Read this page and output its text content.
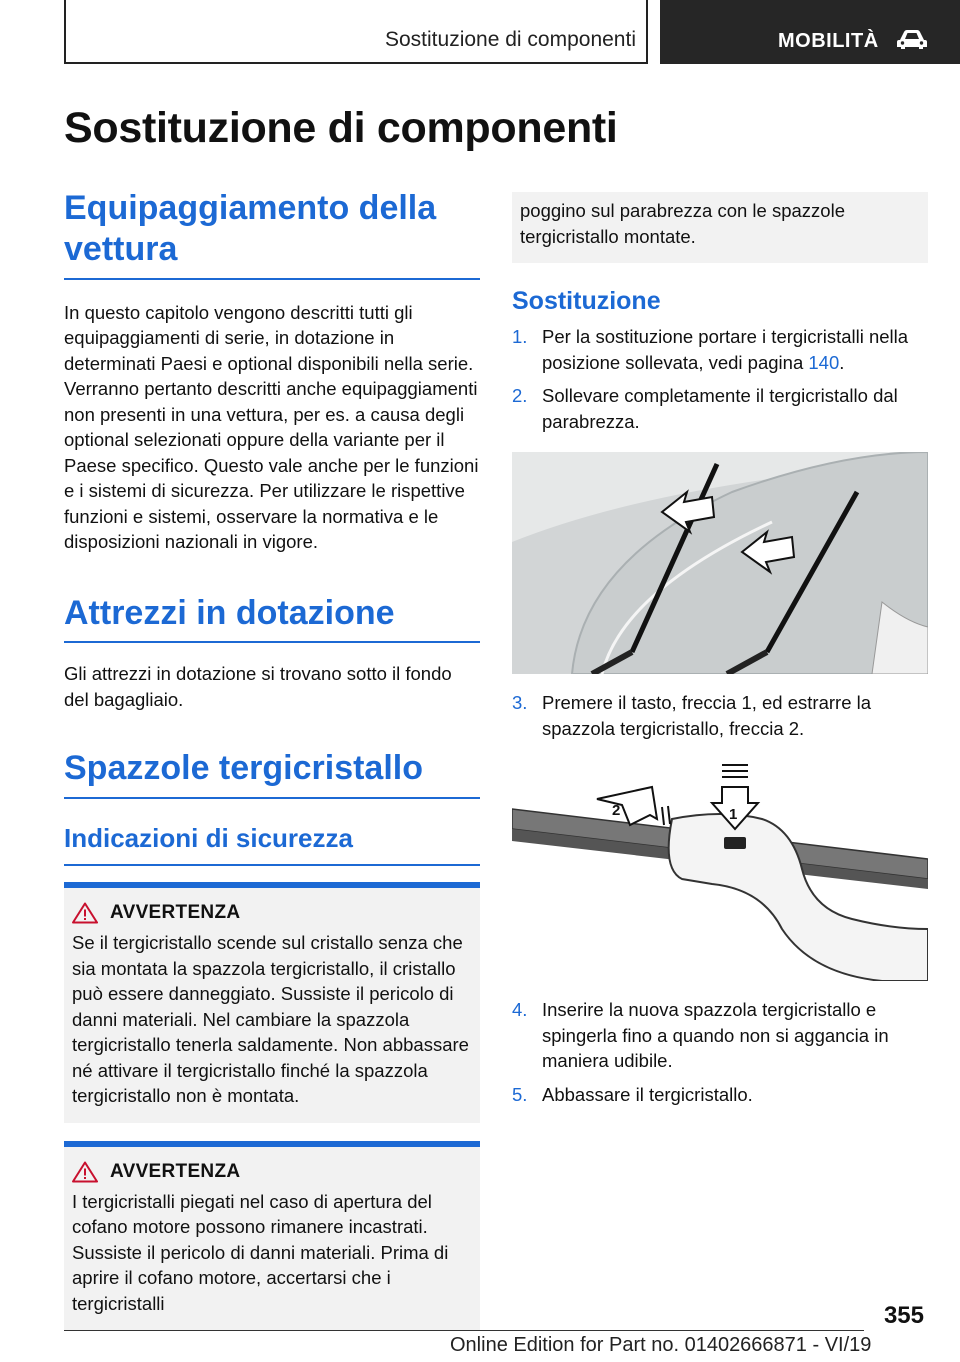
Sostituzione di componenti	MOBILITÀ
Sostituzione di componenti
Equipaggiamento della vettura

In questo capitolo vengono descritti tutti gli equipaggiamenti di serie, in dotazione in determinati Paesi e optional disponibili nella serie. Verranno pertanto descritti anche equipaggiamenti non presenti in una vettura, per es. a causa degli optional selezionati oppure della variante per il Paese specifico. Questo vale anche per le funzioni e i sistemi di sicurezza. Per utilizzare le rispettive funzioni e sistemi, osservare la normativa e le disposizioni nazionali in vigore.

Attrezzi in dotazione

Gli attrezzi in dotazione si trovano sotto il fondo del bagagliaio.

Spazzole tergicristallo
Indicazioni di sicurezza
AVVERTENZA

Se il tergicristallo scende sul cristallo senza che sia montata la spazzola tergicristallo, il cristallo può essere danneggiato. Sussiste il pericolo di danni materiali. Nel cambiare la spazzola tergicristallo tenerla saldamente. Non abbassare né attivare il tergicristallo finché la spazzola tergicristallo non è montata.

AVVERTENZA

I tergicristalli piegati nel caso di apertura del cofano motore possono rimanere incastrati. Sussiste il pericolo di danni materiali. Prima di aprire il cofano motore, accertarsi che i tergicristalli

poggino sul parabrezza con le spazzole tergicristallo montate.

Sostituzione
1. Per la sostituzione portare i tergicristalli nella posizione sollevata, vedi pagina 140.
2. Sollevare completamente il tergicristallo dal parabrezza.
3. Premere il tasto, freccia 1, ed estrarre la spazzola tergicristallo, freccia 2.
1
2
4. Inserire la nuova spazzola tergicristallo e spingerla fino a quando non si aggancia in maniera udibile.
5. Abbassare il tergicristallo.
355
Online Edition for Part no. 01402666871 - VI/19
